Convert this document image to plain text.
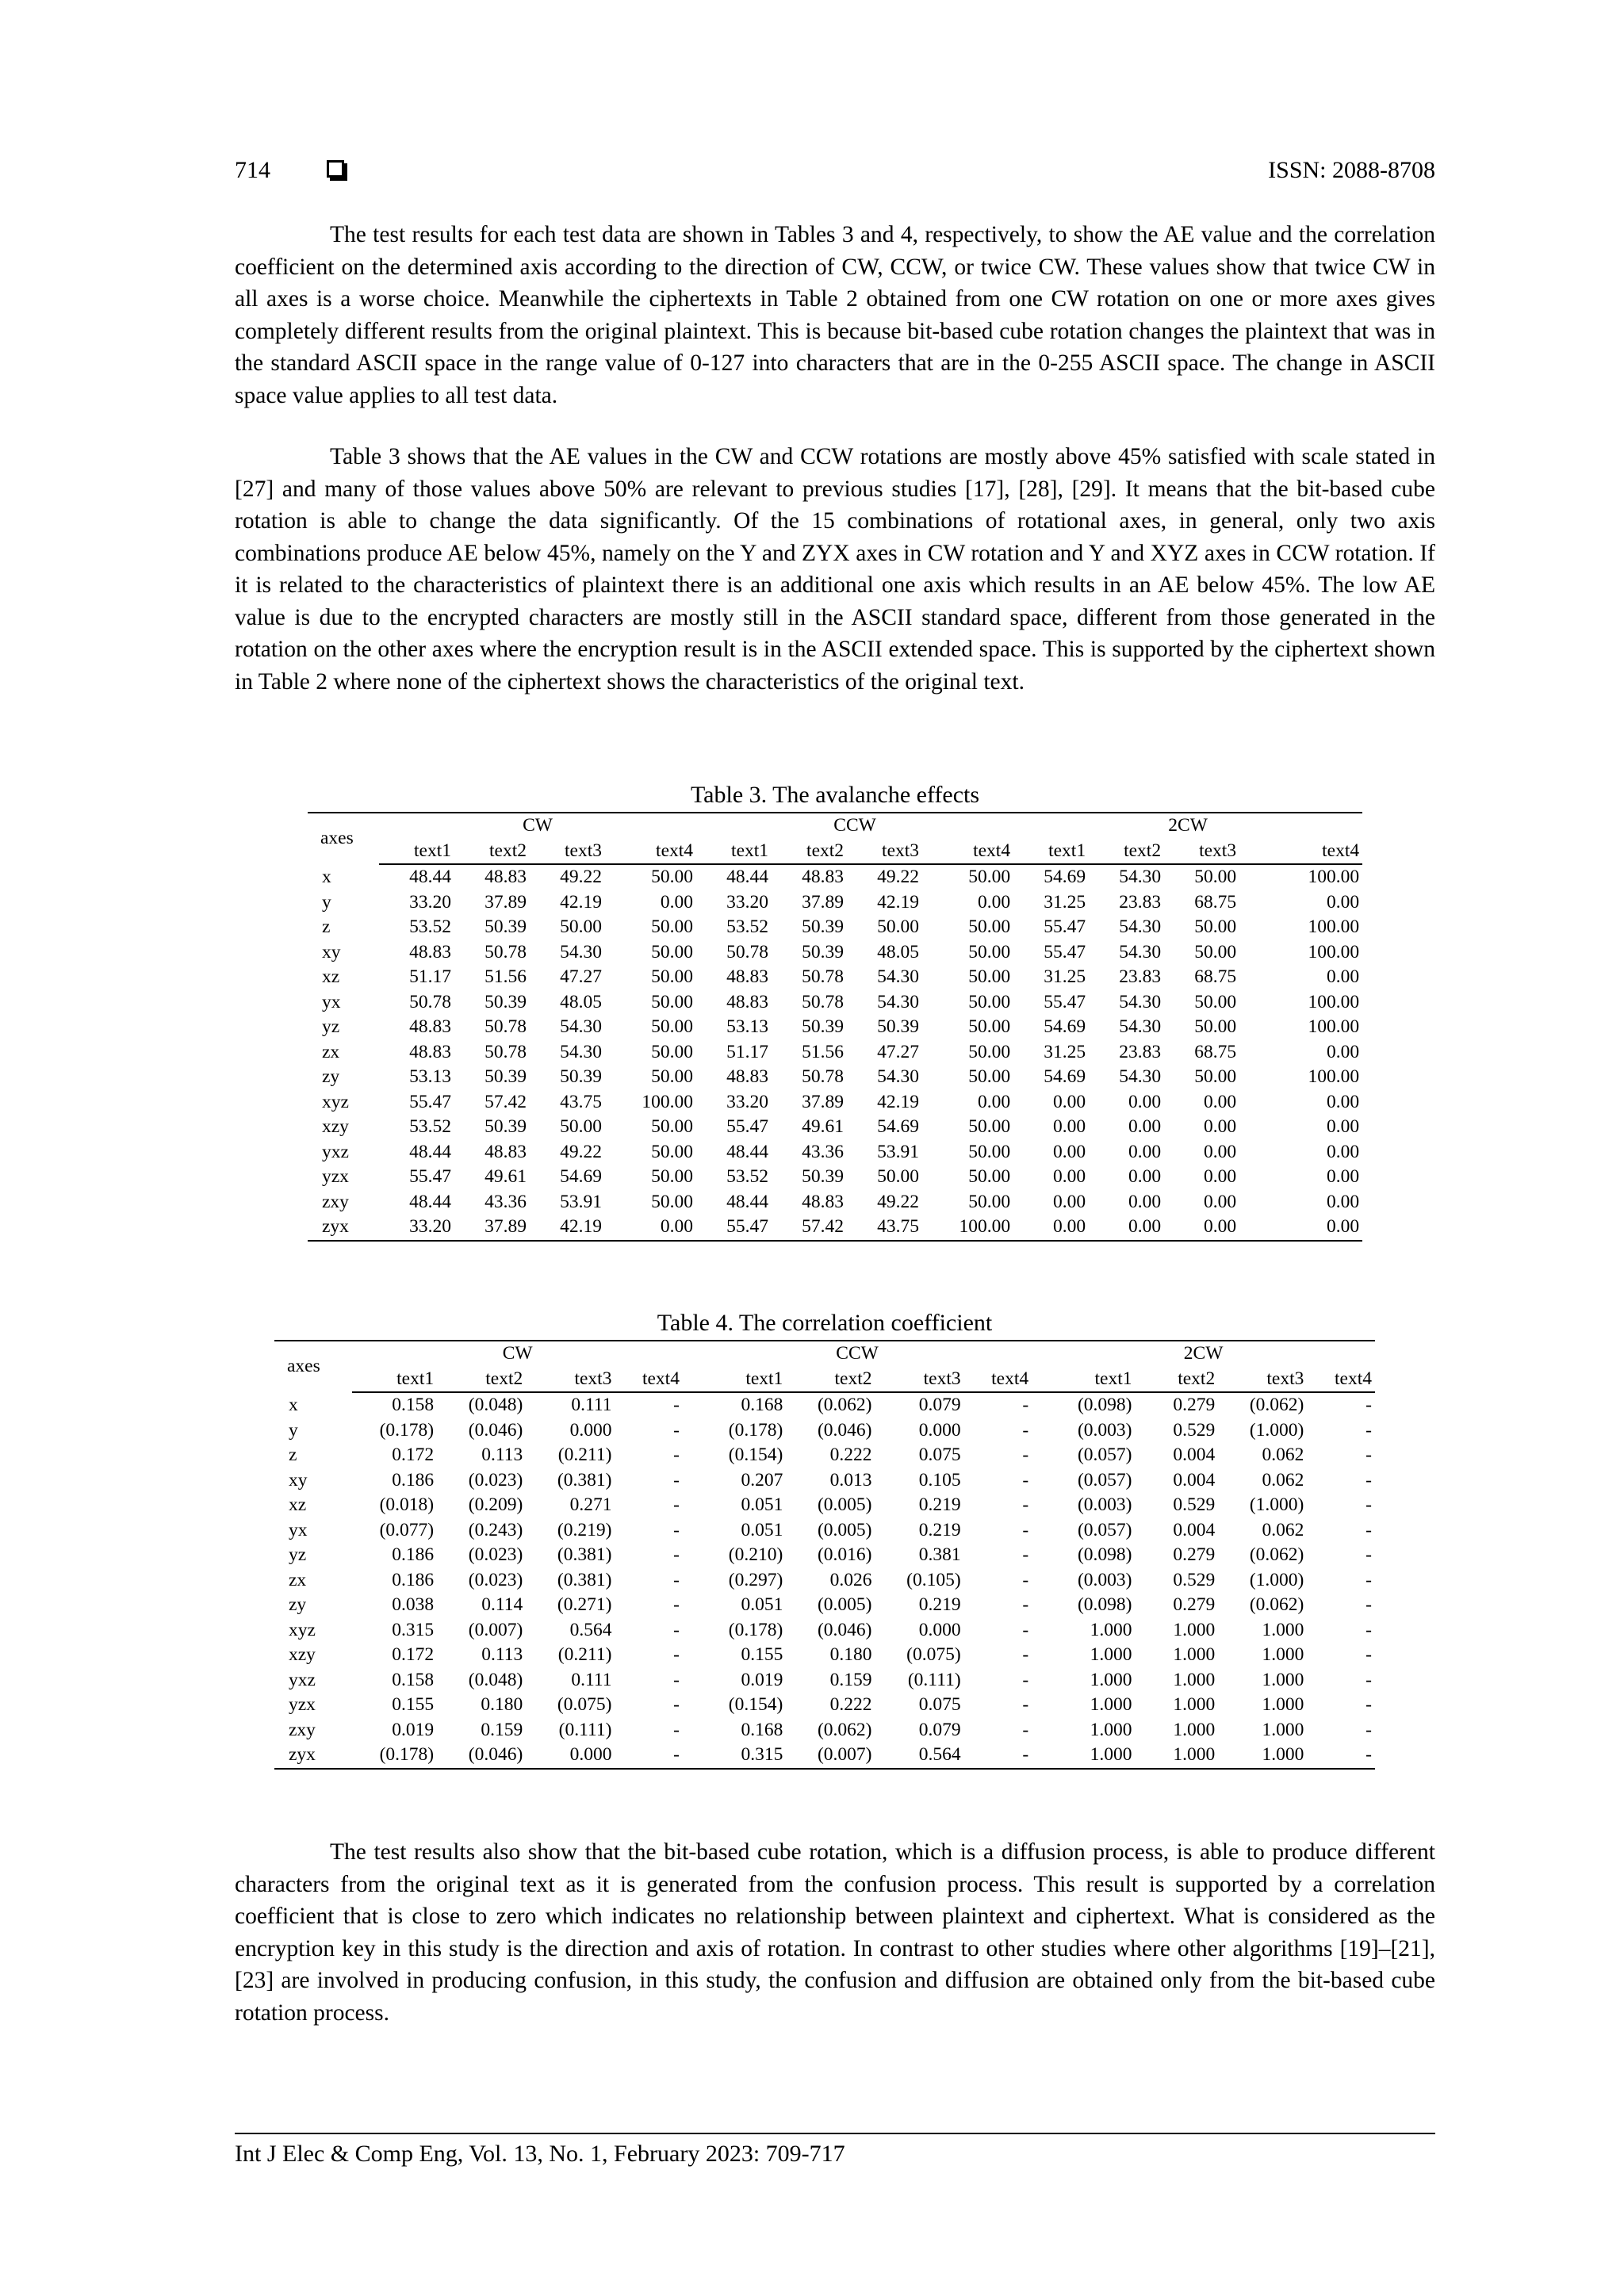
714	ISSN: 2088-8708

The test results for each test data are shown in Tables 3 and 4, respectively, to show the AE value and the correlation coefficient on the determined axis according to the direction of CW, CCW, or twice CW. These values show that twice CW in all axes is a worse choice. Meanwhile the ciphertexts in Table 2 obtained from one CW rotation on one or more axes gives completely different results from the original plaintext. This is because bit-based cube rotation changes the plaintext that was in the standard ASCII space in the range value of 0-127 into characters that are in the 0-255 ASCII space. The change in ASCII space value applies to all test data.

Table 3 shows that the AE values in the CW and CCW rotations are mostly above 45% satisfied with scale stated in [27] and many of those values above 50% are relevant to previous studies [17], [28], [29]. It means that the bit-based cube rotation is able to change the data significantly. Of the 15 combinations of rotational axes, in general, only two axis combinations produce AE below 45%, namely on the Y and ZYX axes in CW rotation and Y and XYZ axes in CCW rotation. If it is related to the characteristics of plaintext there is an additional one axis which results in an AE below 45%. The low AE value is due to the encrypted characters are mostly still in the ASCII standard space, different from those generated in the rotation on the other axes where the encryption result is in the ASCII extended space. This is supported by the ciphertext shown in Table 2 where none of the ciphertext shows the characteristics of the original text.

Table 3. The avalanche effects
axes	CW				CCW				2CW			
	text1	text2	text3	text4	text1	text2	text3	text4	text1	text2	text3	text4
x	48.44	48.83	49.22	50.00	48.44	48.83	49.22	50.00	54.69	54.30	50.00	100.00
y	33.20	37.89	42.19	0.00	33.20	37.89	42.19	0.00	31.25	23.83	68.75	0.00
z	53.52	50.39	50.00	50.00	53.52	50.39	50.00	50.00	55.47	54.30	50.00	100.00
xy	48.83	50.78	54.30	50.00	50.78	50.39	48.05	50.00	55.47	54.30	50.00	100.00
xz	51.17	51.56	47.27	50.00	48.83	50.78	54.30	50.00	31.25	23.83	68.75	0.00
yx	50.78	50.39	48.05	50.00	48.83	50.78	54.30	50.00	55.47	54.30	50.00	100.00
yz	48.83	50.78	54.30	50.00	53.13	50.39	50.39	50.00	54.69	54.30	50.00	100.00
zx	48.83	50.78	54.30	50.00	51.17	51.56	47.27	50.00	31.25	23.83	68.75	0.00
zy	53.13	50.39	50.39	50.00	48.83	50.78	54.30	50.00	54.69	54.30	50.00	100.00
xyz	55.47	57.42	43.75	100.00	33.20	37.89	42.19	0.00	0.00	0.00	0.00	0.00
xzy	53.52	50.39	50.00	50.00	55.47	49.61	54.69	50.00	0.00	0.00	0.00	0.00
yxz	48.44	48.83	49.22	50.00	48.44	43.36	53.91	50.00	0.00	0.00	0.00	0.00
yzx	55.47	49.61	54.69	50.00	53.52	50.39	50.00	50.00	0.00	0.00	0.00	0.00
zxy	48.44	43.36	53.91	50.00	48.44	48.83	49.22	50.00	0.00	0.00	0.00	0.00
zyx	33.20	37.89	42.19	0.00	55.47	57.42	43.75	100.00	0.00	0.00	0.00	0.00
Table 4. The correlation coefficient
axes	CW				CCW				2CW			
	text1	text2	text3	text4	text1	text2	text3	text4	text1	text2	text3	text4
x	0.158	(0.048)	0.111	-	0.168	(0.062)	0.079	-	(0.098)	0.279	(0.062)	-
y	(0.178)	(0.046)	0.000	-	(0.178)	(0.046)	0.000	-	(0.003)	0.529	(1.000)	-
z	0.172	0.113	(0.211)	-	(0.154)	0.222	0.075	-	(0.057)	0.004	0.062	-
xy	0.186	(0.023)	(0.381)	-	0.207	0.013	0.105	-	(0.057)	0.004	0.062	-
xz	(0.018)	(0.209)	0.271	-	0.051	(0.005)	0.219	-	(0.003)	0.529	(1.000)	-
yx	(0.077)	(0.243)	(0.219)	-	0.051	(0.005)	0.219	-	(0.057)	0.004	0.062	-
yz	0.186	(0.023)	(0.381)	-	(0.210)	(0.016)	0.381	-	(0.098)	0.279	(0.062)	-
zx	0.186	(0.023)	(0.381)	-	(0.297)	0.026	(0.105)	-	(0.003)	0.529	(1.000)	-
zy	0.038	0.114	(0.271)	-	0.051	(0.005)	0.219	-	(0.098)	0.279	(0.062)	-
xyz	0.315	(0.007)	0.564	-	(0.178)	(0.046)	0.000	-	1.000	1.000	1.000	-
xzy	0.172	0.113	(0.211)	-	0.155	0.180	(0.075)	-	1.000	1.000	1.000	-
yxz	0.158	(0.048)	0.111	-	0.019	0.159	(0.111)	-	1.000	1.000	1.000	-
yzx	0.155	0.180	(0.075)	-	(0.154)	0.222	0.075	-	1.000	1.000	1.000	-
zxy	0.019	0.159	(0.111)	-	0.168	(0.062)	0.079	-	1.000	1.000	1.000	-
zyx	(0.178)	(0.046)	0.000	-	0.315	(0.007)	0.564	-	1.000	1.000	1.000	-

The test results also show that the bit-based cube rotation, which is a diffusion process, is able to produce different characters from the original text as it is generated from the confusion process. This result is supported by a correlation coefficient that is close to zero which indicates no relationship between plaintext and ciphertext. What is considered as the encryption key in this study is the direction and axis of rotation. In contrast to other studies where other algorithms [19]–[21], [23] are involved in producing confusion, in this study, the confusion and diffusion are obtained only from the bit-based cube rotation process.

Int J Elec & Comp Eng, Vol. 13, No. 1, February 2023: 709-717
